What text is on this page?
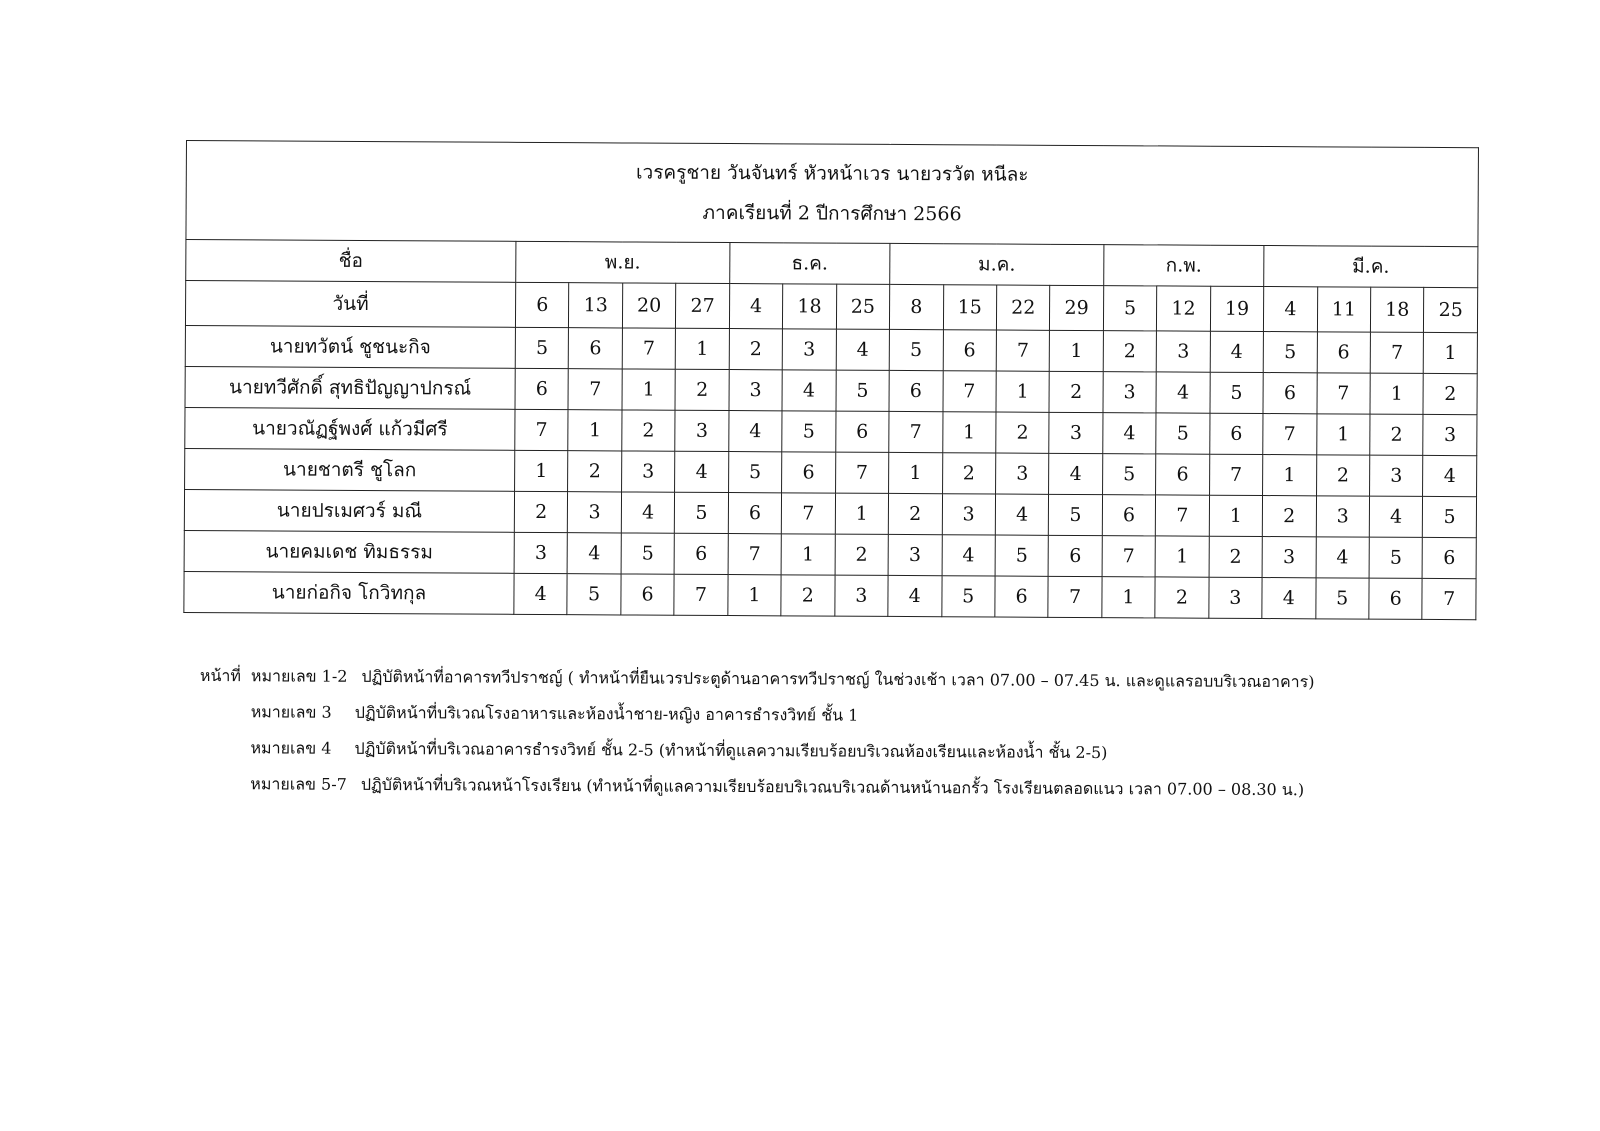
เวรครูชาย วันจันทร์ หัวหน้าเวร นายวรวัต หนีละ
ภาคเรียนที่ 2 ปีการศึกษา 2566																		

ชื่อ	พ.ย.				ธ.ค.			ม.ค.				ก.พ.			มี.ค.			
วันที่	6	13	20	27	4	18	25	8	15	22	29	5	12	19	4	11	18	25
นายทวัตน์ ชูชนะกิจ	5	6	7	1	2	3	4	5	6	7	1	2	3	4	5	6	7	1
นายทวีศักดิ์ สุทธิปัญญาปกรณ์	6	7	1	2	3	4	5	6	7	1	2	3	4	5	6	7	1	2
นายวณัฏฐ์พงศ์ แก้วมีศรี	7	1	2	3	4	5	6	7	1	2	3	4	5	6	7	1	2	3
นายชาตรี ชูโลก	1	2	3	4	5	6	7	1	2	3	4	5	6	7	1	2	3	4
นายปรเมศวร์ มณี	2	3	4	5	6	7	1	2	3	4	5	6	7	1	2	3	4	5
นายคมเดช ทิมธรรม	3	4	5	6	7	1	2	3	4	5	6	7	1	2	3	4	5	6
นายก่อกิจ โกวิทกุล	4	5	6	7	1	2	3	4	5	6	7	1	2	3	4	5	6	7
หน้าที่ หมายเลข 1-2 ปฏิบัติหน้าที่อาคารทวีปราชญ์ ( ทำหน้าที่ยืนเวรประตูด้านอาคารทวีปราชญ์ ในช่วงเช้า เวลา 07.00 – 07.45 น. และดูแลรอบบริเวณอาคาร)
หมายเลข 3	ปฏิบัติหน้าที่บริเวณโรงอาหารและห้องน้ำชาย-หญิง อาคารธำรงวิทย์ ชั้น 1
หมายเลข 4	ปฏิบัติหน้าที่บริเวณอาคารธำรงวิทย์ ชั้น 2-5 (ทำหน้าที่ดูแลความเรียบร้อยบริเวณห้องเรียนและห้องน้ำ ชั้น 2-5)
หมายเลข 5-7 ปฏิบัติหน้าที่บริเวณหน้าโรงเรียน (ทำหน้าที่ดูแลความเรียบร้อยบริเวณบริเวณด้านหน้านอกรั้ว โรงเรียนตลอดแนว เวลา 07.00 – 08.30 น.)
